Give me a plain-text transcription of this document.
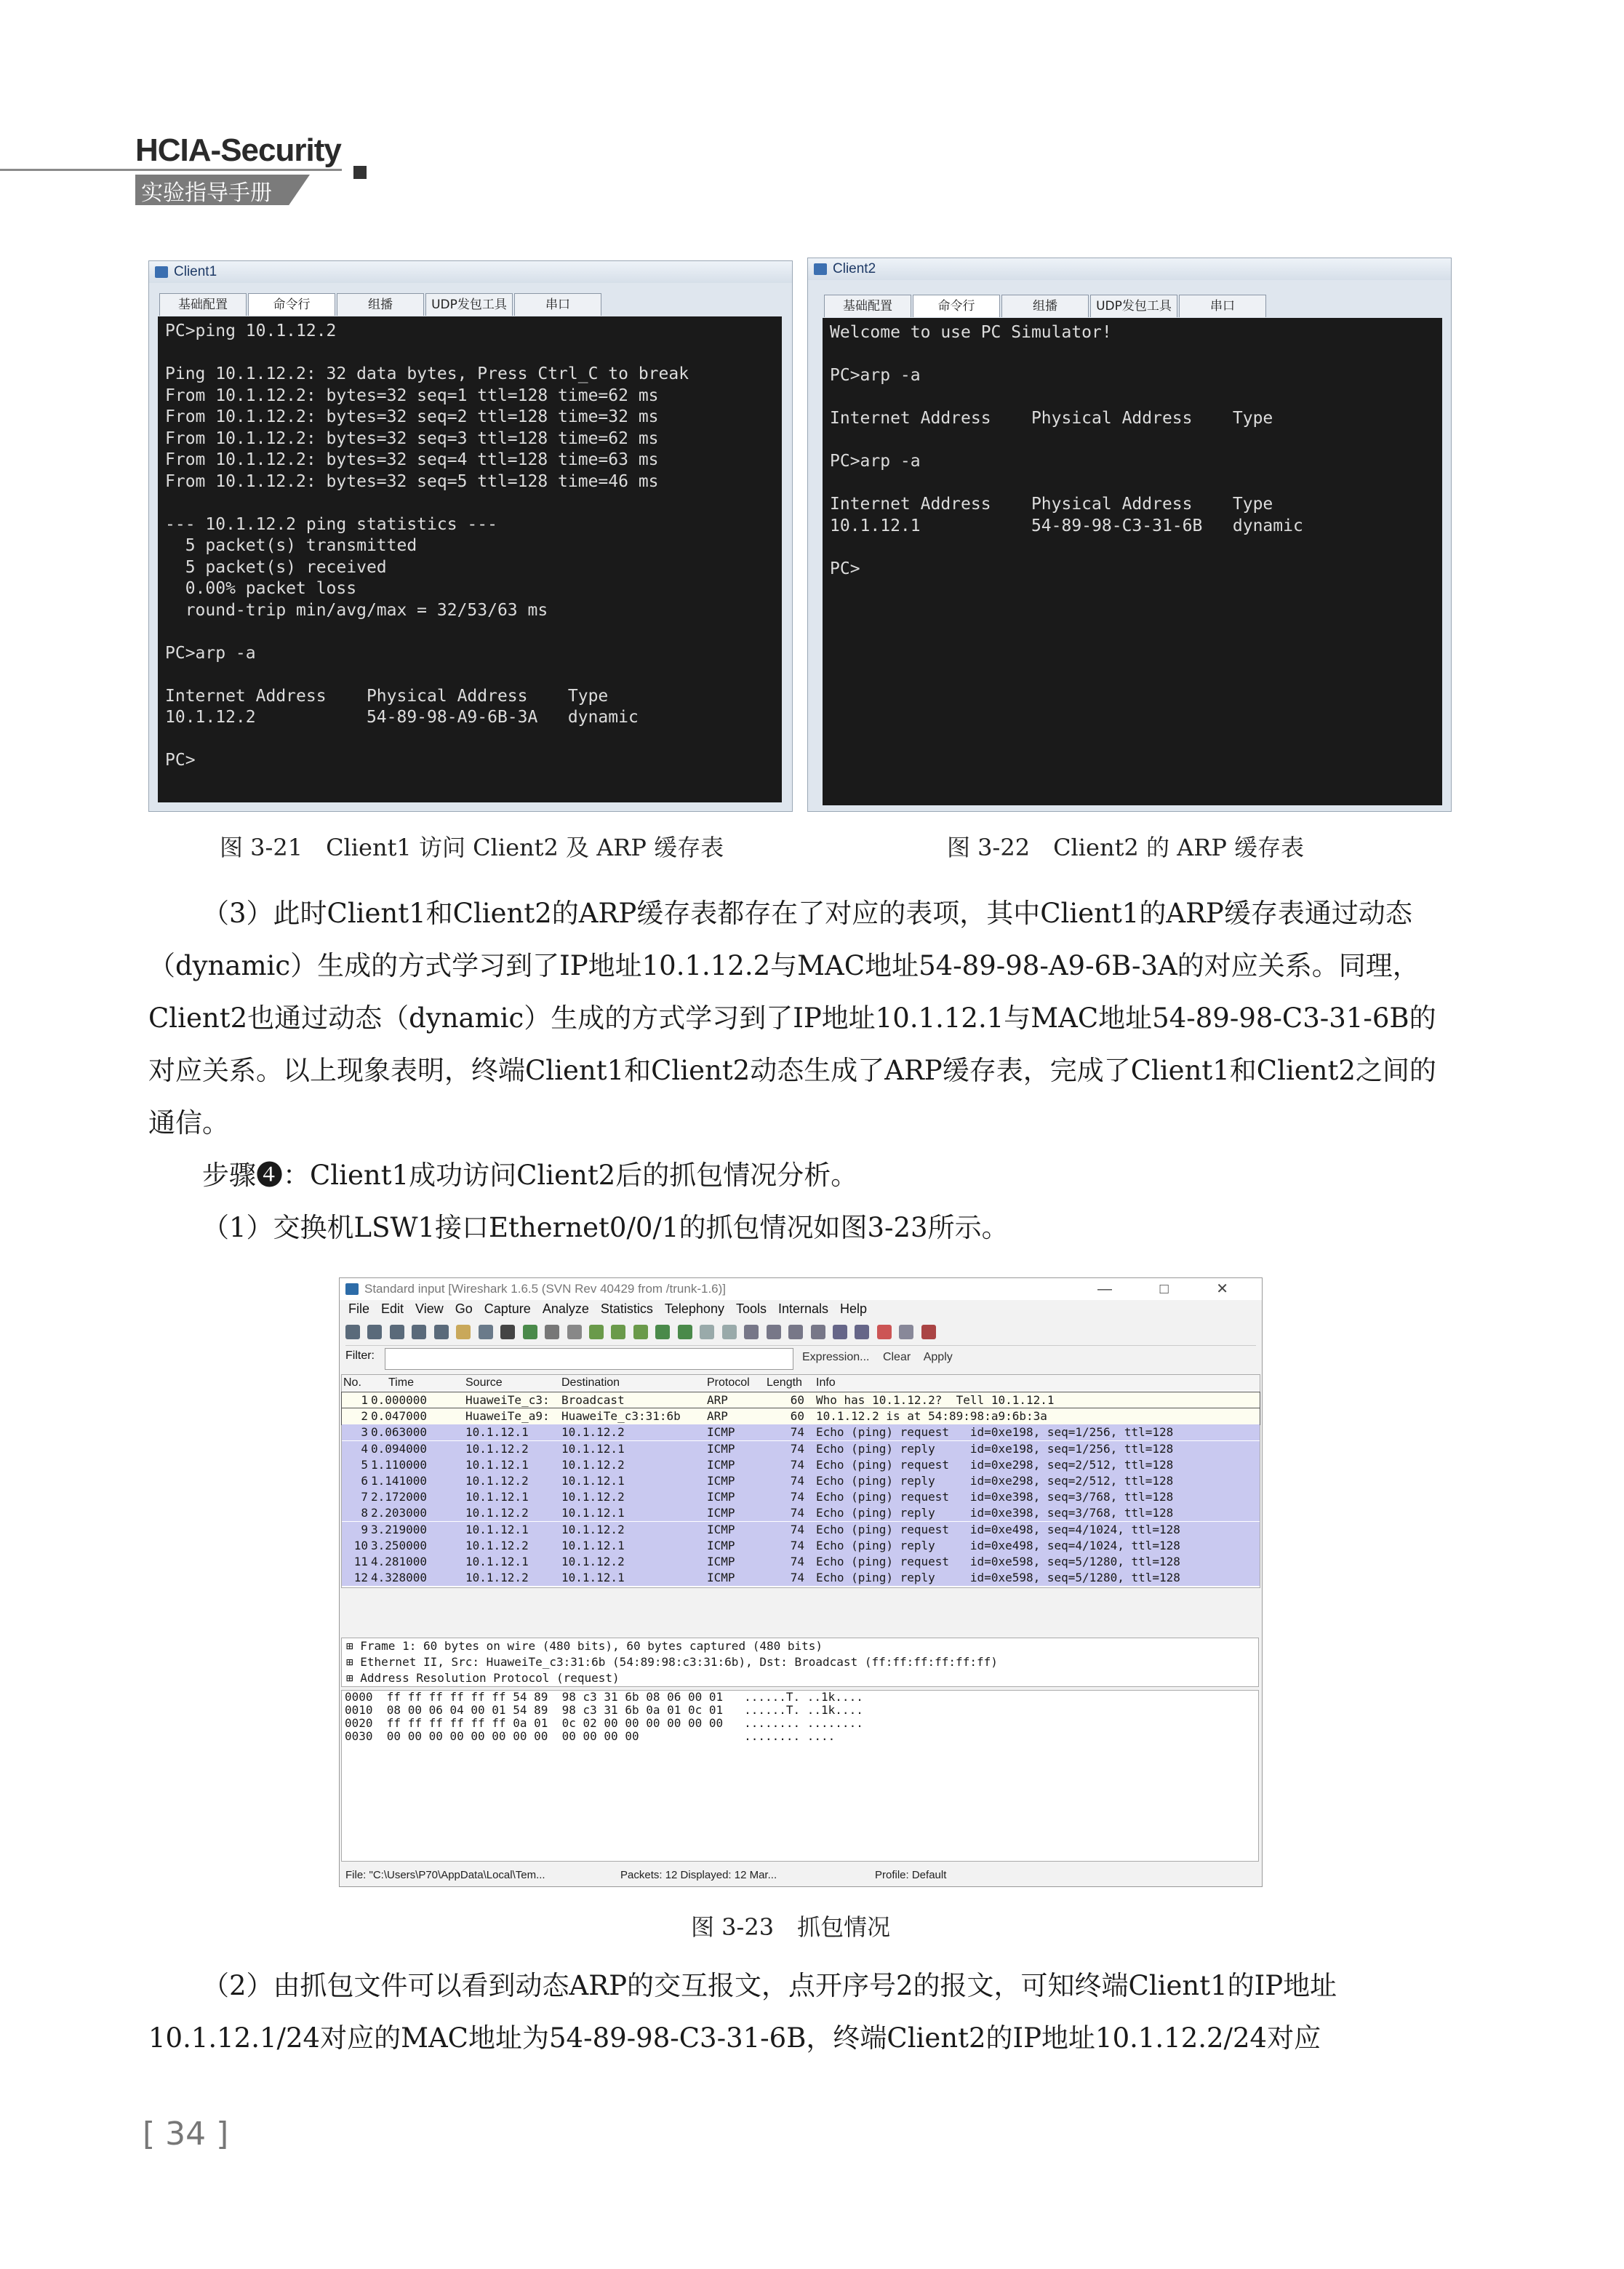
HCIA-Security
实验指导手册
Client1
基础配置	命令行	组播	UDP发包工具	串口
PC>ping 10.1.12.2

Ping 10.1.12.2: 32 data bytes, Press Ctrl_C to break
From 10.1.12.2: bytes=32 seq=1 ttl=128 time=62 ms
From 10.1.12.2: bytes=32 seq=2 ttl=128 time=32 ms
From 10.1.12.2: bytes=32 seq=3 ttl=128 time=62 ms
From 10.1.12.2: bytes=32 seq=4 ttl=128 time=63 ms
From 10.1.12.2: bytes=32 seq=5 ttl=128 time=46 ms

--- 10.1.12.2 ping statistics ---
5 packet(s) transmitted
5 packet(s) received
0.00% packet loss
round-trip min/avg/max = 32/53/63 ms

PC>arp -a

Internet Address    Physical Address    Type
10.1.12.2           54-89-98-A9-6B-3A   dynamic

PC>
Client2
基础配置	命令行	组播	UDP发包工具	串口
Welcome to use PC Simulator!

PC>arp -a

Internet Address    Physical Address    Type

PC>arp -a

Internet Address    Physical Address    Type
10.1.12.1           54-89-98-C3-31-6B   dynamic

PC>
图 3-21　Client1 访问 Client2 及 ARP 缓存表	图 3-22　Client2 的 ARP 缓存表

（3）此时Client1和Client2的ARP缓存表都存在了对应的表项，其中Client1的ARP缓存表通过动态（dynamic）生成的方式学习到了IP地址10.1.12.2与MAC地址54-89-98-A9-6B-3A的对应关系。同理，Client2也通过动态（dynamic）生成的方式学习到了IP地址10.1.12.1与MAC地址54-89-98-C3-31-6B的对应关系。以上现象表明，终端Client1和Client2动态生成了ARP缓存表，完成了Client1和Client2之间的通信。

步骤❹：Client1成功访问Client2后的抓包情况分析。

（1）交换机LSW1接口Ethernet0/0/1的抓包情况如图3-23所示。

Standard input [Wireshark 1.6.5 (SVN Rev 40429 from /trunk-1.6)]	— □ ✕
File Edit View Go Capture Analyze Statistics Telephony Tools Internals Help

Filter:	Expression... Clear Apply
No. Time	Source	Destination	Protocol Length Info
1 0.000000	HuaweiTe_c3: Broadcast	ARP	60 Who has 10.1.12.2?  Tell 10.1.12.1
2 0.047000	HuaweiTe_a9: HuaweiTe_c3:31:6b ARP	60 10.1.12.2 is at 54:89:98:a9:6b:3a
3 0.063000	10.1.12.1	10.1.12.2	ICMP	74 Echo (ping) request   id=0xe198, seq=1/256, ttl=128
4 0.094000	10.1.12.2	10.1.12.1	ICMP	74 Echo (ping) reply     id=0xe198, seq=1/256, ttl=128
5 1.110000	10.1.12.1	10.1.12.2	ICMP	74 Echo (ping) request   id=0xe298, seq=2/512, ttl=128
6 1.141000	10.1.12.2	10.1.12.1	ICMP	74 Echo (ping) reply     id=0xe298, seq=2/512, ttl=128
7 2.172000	10.1.12.1	10.1.12.2	ICMP	74 Echo (ping) request   id=0xe398, seq=3/768, ttl=128
8 2.203000	10.1.12.2	10.1.12.1	ICMP	74 Echo (ping) reply     id=0xe398, seq=3/768, ttl=128
9 3.219000	10.1.12.1	10.1.12.2	ICMP	74 Echo (ping) request   id=0xe498, seq=4/1024, ttl=128
10 3.250000	10.1.12.2	10.1.12.1	ICMP	74 Echo (ping) reply     id=0xe498, seq=4/1024, ttl=128
11 4.281000	10.1.12.1	10.1.12.2	ICMP	74 Echo (ping) request   id=0xe598, seq=5/1280, ttl=128
12 4.328000	10.1.12.2	10.1.12.1	ICMP	74 Echo (ping) reply     id=0xe598, seq=5/1280, ttl=128
⊞ Frame 1: 60 bytes on wire (480 bits), 60 bytes captured (480 bits)
⊞ Ethernet II, Src: HuaweiTe_c3:31:6b (54:89:98:c3:31:6b), Dst: Broadcast (ff:ff:ff:ff:ff:ff)
⊞ Address Resolution Protocol (request)
0000  ff ff ff ff ff ff 54 89  98 c3 31 6b 08 06 00 01   ......T. ..1k....
0010  08 00 06 04 00 01 54 89  98 c3 31 6b 0a 01 0c 01   ......T. ..1k....
0020  ff ff ff ff ff ff 0a 01  0c 02 00 00 00 00 00 00   ........ ........
0030  00 00 00 00 00 00 00 00  00 00 00 00               ........ ....
File: "C:\Users\P70\AppData\Local\Tem...	Packets: 12 Displayed: 12 Mar...	Profile: Default
图 3-23　抓包情况

（2）由抓包文件可以看到动态ARP的交互报文，点开序号2的报文，可知终端Client1的IP地址10.1.12.1/24对应的MAC地址为54-89-98-C3-31-6B，终端Client2的IP地址10.1.12.2/24对应

[ 34 ]
